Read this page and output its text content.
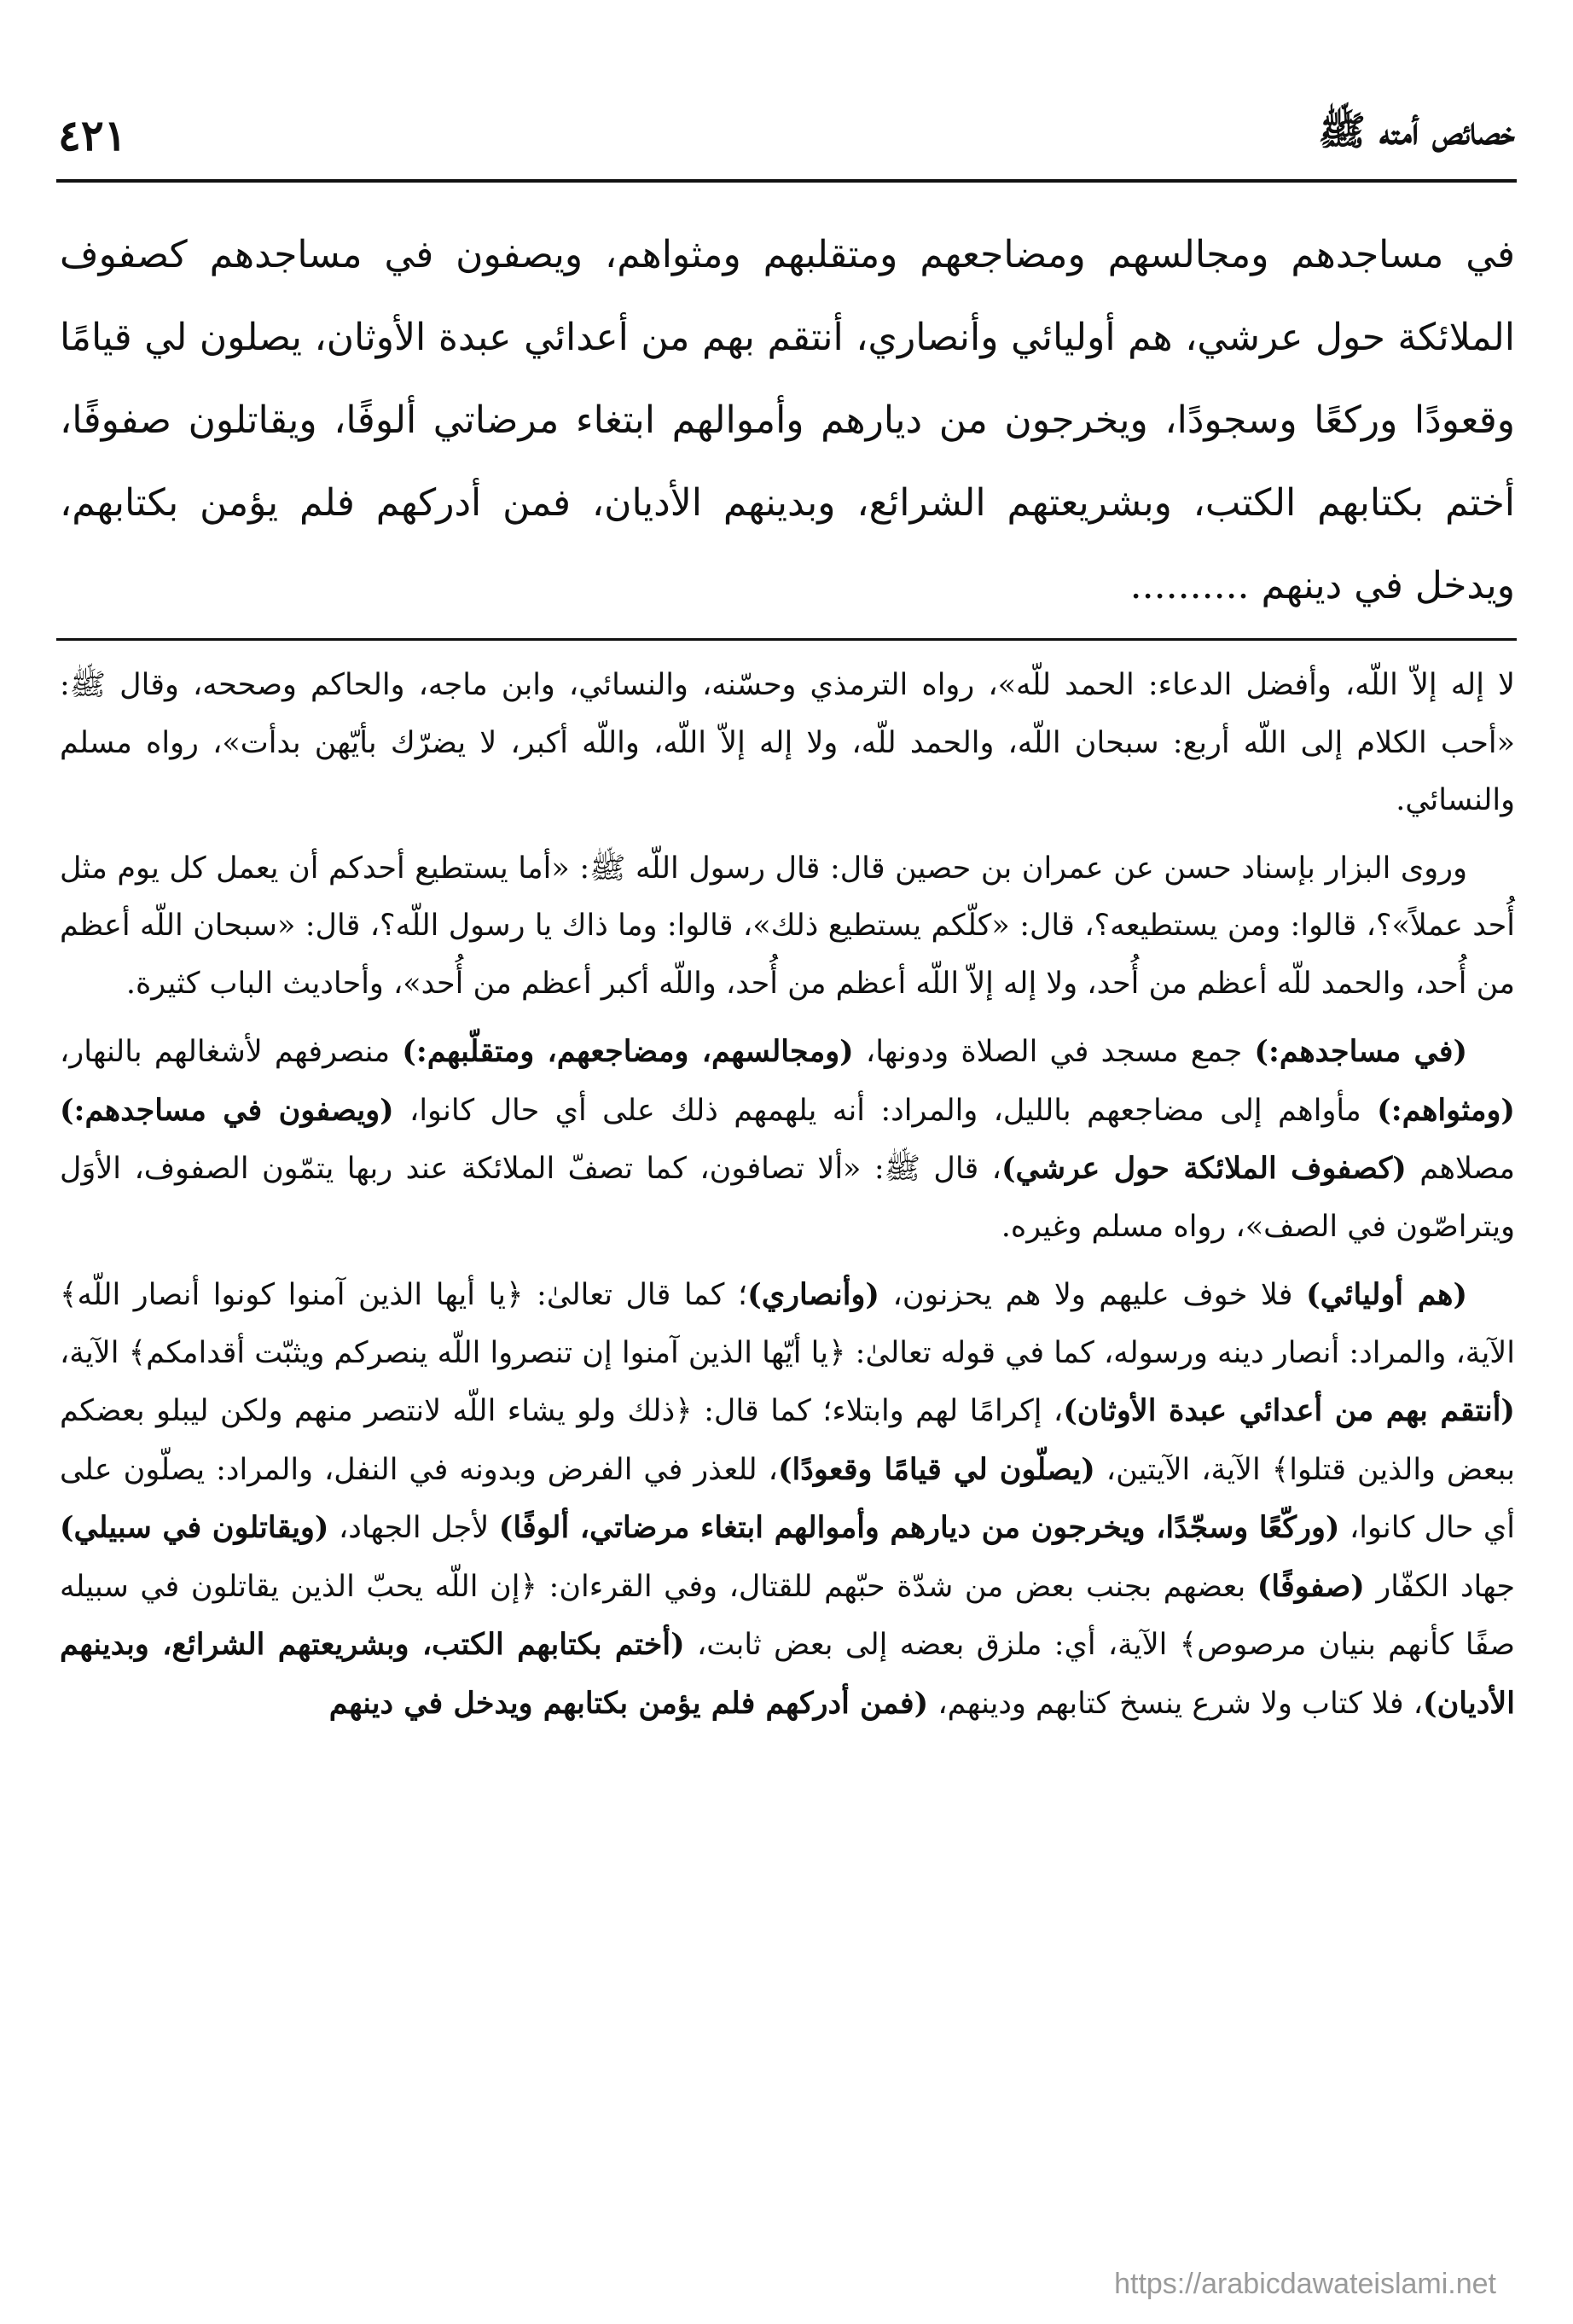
خصائص أمته ﷺ
٤٢١

في مساجدهم ومجالسهم ومضاجعهم ومتقلبهم ومثواهم، ويصفون في مساجدهم كصفوف الملائكة حول عرشي، هم أوليائي وأنصاري، أنتقم بهم من أعدائي عبدة الأوثان، يصلون لي قيامًا وقعودًا وركعًا وسجودًا، ويخرجون من ديارهم وأموالهم ابتغاء مرضاتي ألوفًا، ويقاتلون صفوفًا، أختم بكتابهم الكتب، وبشريعتهم الشرائع، وبدينهم الأديان، فمن أدركهم فلم يؤمن بكتابهم، ويدخل في دينهم ..........

لا إله إلاّ اللّه، وأفضل الدعاء: الحمد للّه»، رواه الترمذي وحسّنه، والنسائي، وابن ماجه، والحاكم وصححه، وقال ﷺ: «أحب الكلام إلى اللّه أربع: سبحان اللّه، والحمد للّه، ولا إله إلاّ اللّه، واللّه أكبر، لا يضرّك بأيّهن بدأت»، رواه مسلم والنسائي.

وروى البزار بإسناد حسن عن عمران بن حصين قال: قال رسول اللّه ﷺ: «أما يستطيع أحدكم أن يعمل كل يوم مثل أُحد عملاً»؟، قالوا: ومن يستطيعه؟، قال: «كلّكم يستطيع ذلك»، قالوا: وما ذاك يا رسول اللّه؟، قال: «سبحان اللّه أعظم من أُحد، والحمد للّه أعظم من أُحد، ولا إله إلاّ اللّه أعظم من أُحد، واللّه أكبر أعظم من أُحد»، وأحاديث الباب كثيرة.

(في مساجدهم:) جمع مسجد في الصلاة ودونها، (ومجالسهم، ومضاجعهم، ومتقلّبهم:) منصرفهم لأشغالهم بالنهار، (ومثواهم:) مأواهم إلى مضاجعهم بالليل، والمراد: أنه يلهمهم ذلك على أي حال كانوا، (ويصفون في مساجدهم:) مصلاهم (كصفوف الملائكة حول عرشي)، قال ﷺ: «ألا تصافون، كما تصفّ الملائكة عند ربها يتمّون الصفوف، الأوَل ويتراصّون في الصف»، رواه مسلم وغيره.

(هم أوليائي) فلا خوف عليهم ولا هم يحزنون، (وأنصاري)؛ كما قال تعالىٰ: ﴿يا أيها الذين آمنوا كونوا أنصار اللّه﴾ الآية، والمراد: أنصار دينه ورسوله، كما في قوله تعالىٰ: ﴿يا أيّها الذين آمنوا إن تنصروا اللّه ينصركم ويثبّت أقدامكم﴾ الآية، (أنتقم بهم من أعدائي عبدة الأوثان)، إكرامًا لهم وابتلاء؛ كما قال: ﴿ذلك ولو يشاء اللّه لانتصر منهم ولكن ليبلو بعضكم ببعض والذين قتلوا﴾ الآية، الآيتين، (يصلّون لي قيامًا وقعودًا)، للعذر في الفرض وبدونه في النفل، والمراد: يصلّون على أي حال كانوا، (وركّعًا وسجّدًا، ويخرجون من ديارهم وأموالهم ابتغاء مرضاتي، ألوفًا) لأجل الجهاد، (ويقاتلون في سبيلي) جهاد الكفّار (صفوفًا) بعضهم بجنب بعض من شدّة حبّهم للقتال، وفي القرءان: ﴿إن اللّه يحبّ الذين يقاتلون في سبيله صفًا كأنهم بنيان مرصوص﴾ الآية، أي: ملزق بعضه إلى بعض ثابت، (أختم بكتابهم الكتب، وبشريعتهم الشرائع، وبدينهم الأديان)، فلا كتاب ولا شرع ينسخ كتابهم ودينهم، (فمن أدركهم فلم يؤمن بكتابهم ويدخل في دينهم

https://arabicdawateislami.net
